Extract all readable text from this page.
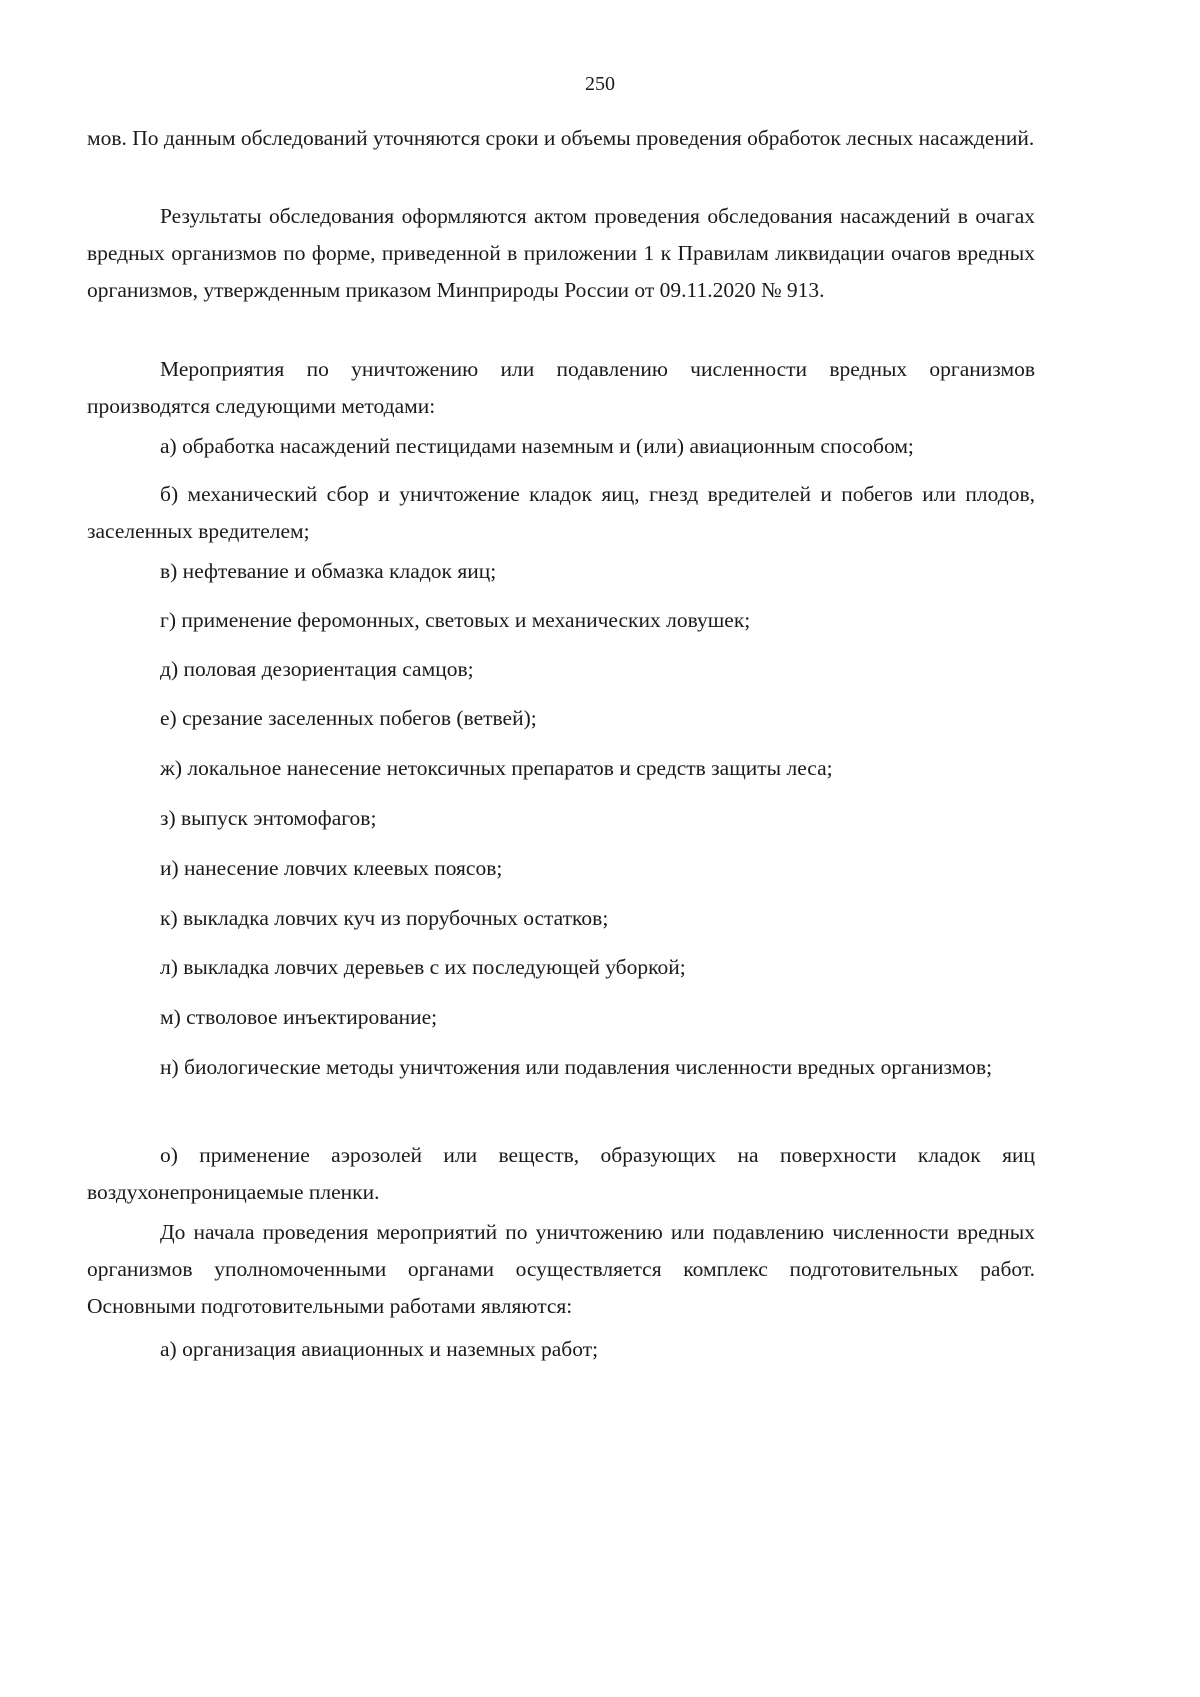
250

мов. По данным обследований уточняются сроки и объемы проведения обработок лесных насаждений.

Результаты обследования оформляются актом проведения обследования насаждений в очагах вредных организмов по форме, приведенной в приложении 1 к Правилам ликвидации очагов вредных организмов, утвержденным приказом Минприроды России от 09.11.2020 № 913.

Мероприятия по уничтожению или подавлению численности вредных организмов производятся следующими методами:

а) обработка насаждений пестицидами наземным и (или) авиационным способом;

б) механический сбор и уничтожение кладок яиц, гнезд вредителей и побегов или плодов, заселенных вредителем;

в) нефтевание и обмазка кладок яиц;

г) применение феромонных, световых и механических ловушек;

д) половая дезориентация самцов;

е) срезание заселенных побегов (ветвей);

ж) локальное нанесение нетоксичных препаратов и средств защиты леса;

з) выпуск энтомофагов;

и) нанесение ловчих клеевых поясов;

к) выкладка ловчих куч из порубочных остатков;

л) выкладка ловчих деревьев с их последующей уборкой;

м) стволовое инъектирование;

н) биологические методы уничтожения или подавления численности вредных организмов;

о) применение аэрозолей или веществ, образующих на поверхности кладок яиц воздухонепроницаемые пленки.

До начала проведения мероприятий по уничтожению или подавлению численности вредных организмов уполномоченными органами осуществляется комплекс подготовительных работ. Основными подготовительными работами являются:

а) организация авиационных и наземных работ;
